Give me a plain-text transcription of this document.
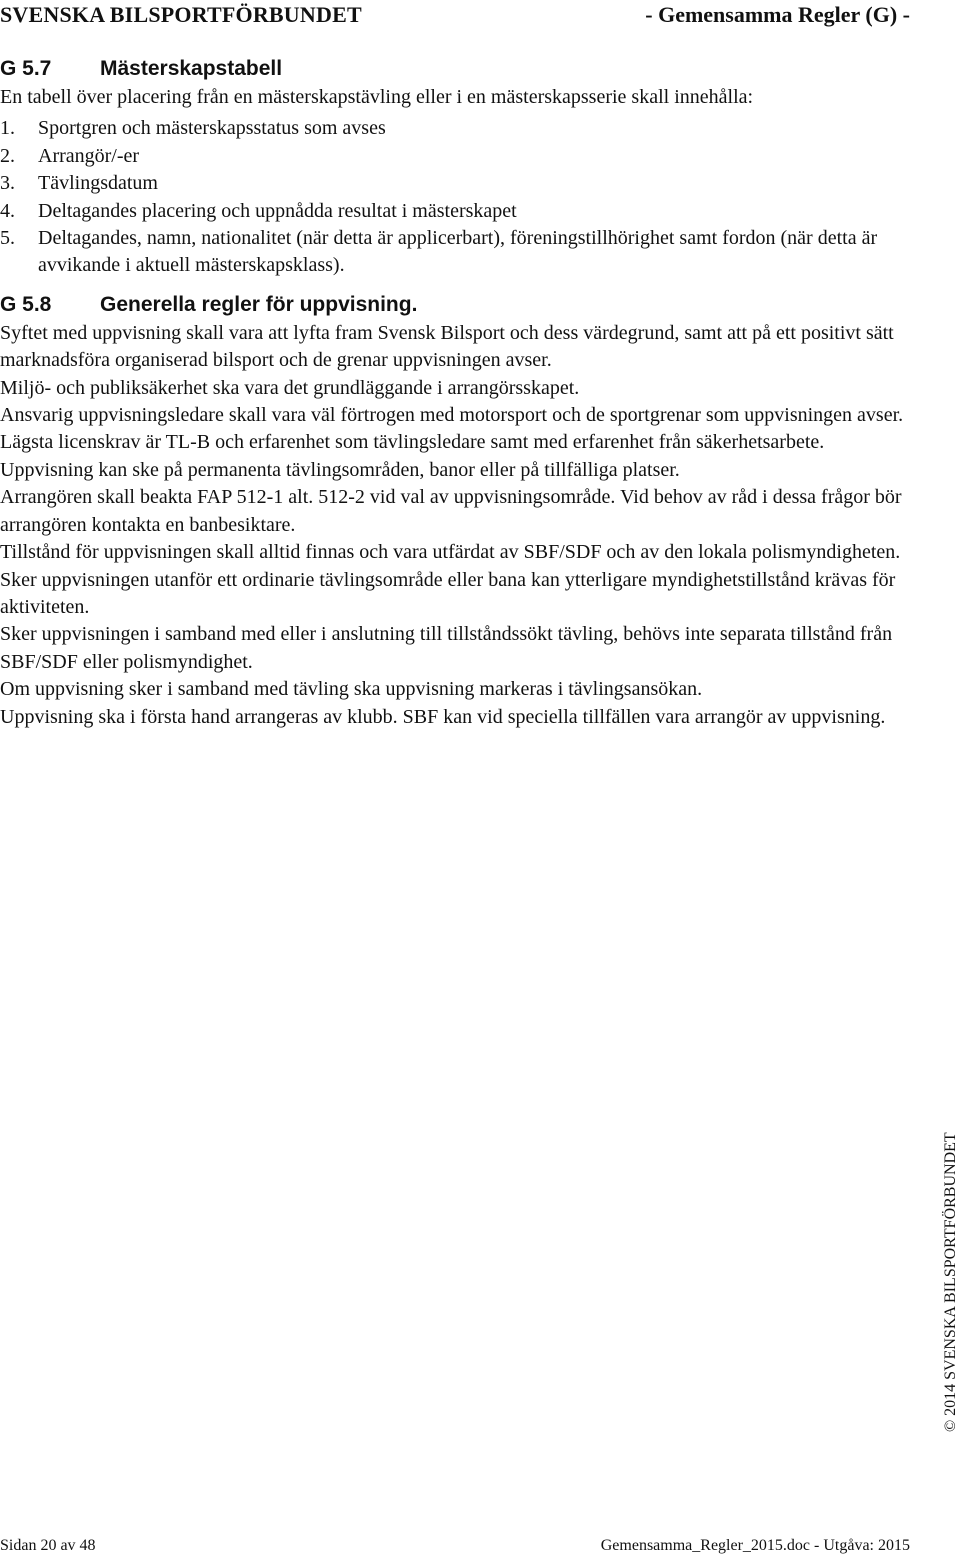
SVENSKA BILSPORTFÖRBUNDET	- Gemensamma Regler (G) -
G 5.7 Mästerskapstabell

En tabell över placering från en mästerskapstävling eller i en mästerskapsserie skall innehålla:

1. Sportgren och mästerskapsstatus som avses
2. Arrangör/-er
3. Tävlingsdatum
4. Deltagandes placering och uppnådda resultat i mästerskapet
5. Deltagandes, namn, nationalitet (när detta är applicerbart), föreningstillhörighet samt fordon (när detta är avvikande i aktuell mästerskapsklass).
G 5.8 Generella regler för uppvisning.

Syftet med uppvisning skall vara att lyfta fram Svensk Bilsport och dess värdegrund, samt att på ett positivt sätt marknadsföra organiserad bilsport och de grenar uppvisningen avser.

Miljö- och publiksäkerhet ska vara det grundläggande i arrangörsskapet.

Ansvarig uppvisningsledare skall vara väl förtrogen med motorsport och de sportgrenar som uppvisningen avser. Lägsta licenskrav är TL-B och erfarenhet som tävlingsledare samt med erfarenhet från säkerhetsarbete.

Uppvisning kan ske på permanenta tävlingsområden, banor eller på tillfälliga platser.

Arrangören skall beakta FAP 512-1 alt. 512-2 vid val av uppvisningsområde. Vid behov av råd i dessa frågor bör arrangören kontakta en banbesiktare.

Tillstånd för uppvisningen skall alltid finnas och vara utfärdat av SBF/SDF och av den lokala polismyndigheten. Sker uppvisningen utanför ett ordinarie tävlingsområde eller bana kan ytterligare myndighetstillstånd krävas för aktiviteten.

Sker uppvisningen i samband med eller i anslutning till tillståndssökt tävling, behövs inte separata tillstånd från SBF/SDF eller polismyndighet.

Om uppvisning sker i samband med tävling ska uppvisning markeras i tävlingsansökan.

Uppvisning ska i första hand arrangeras av klubb. SBF kan vid speciella tillfällen vara arrangör av uppvisning.

© 2014 SVENSKA BILSPORTFÖRBUNDET
Sidan 20 av 48	Gemensamma_Regler_2015.doc - Utgåva: 2015
